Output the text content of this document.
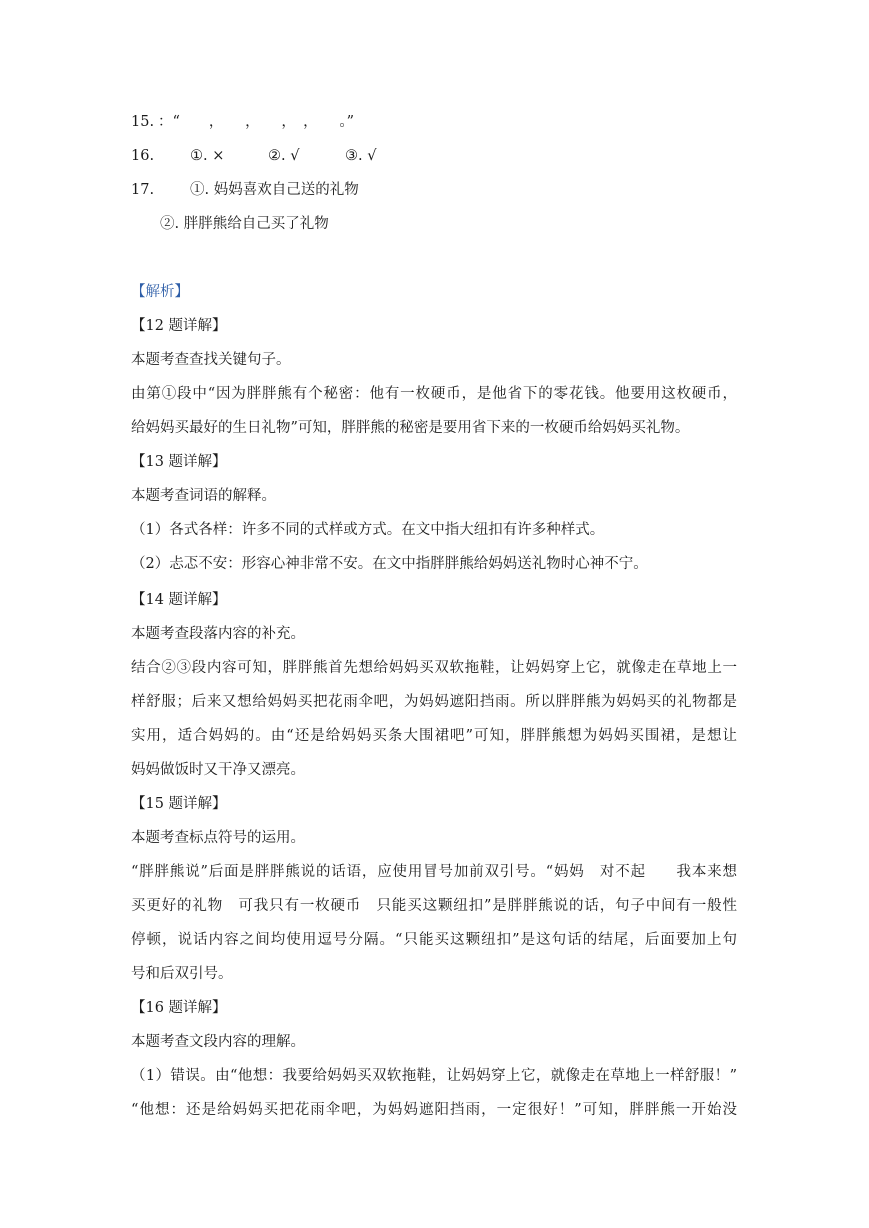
15. ：“　　，　　，　　，　，　　。”
16. ①. ×	②. √	③. √
17. ①. 妈妈喜欢自己送的礼物
②. 胖胖熊给自己买了礼物
【解析】
【12 题详解】
本题考查查找关键句子。
由第①段中“因为胖胖熊有个秘密：他有一枚硬币，是他省下的零花钱。他要用这枚硬币，
给妈妈买最好的生日礼物”可知，胖胖熊的秘密是要用省下来的一枚硬币给妈妈买礼物。
【13 题详解】
本题考查词语的解释。
（1）各式各样：许多不同的式样或方式。在文中指大纽扣有许多种样式。
（2）忐忑不安：形容心神非常不安。在文中指胖胖熊给妈妈送礼物时心神不宁。
【14 题详解】
本题考查段落内容的补充。
结合②③段内容可知，胖胖熊首先想给妈妈买双软拖鞋，让妈妈穿上它，就像走在草地上一
样舒服；后来又想给妈妈买把花雨伞吧，为妈妈遮阳挡雨。所以胖胖熊为妈妈买的礼物都是
实用，适合妈妈的。由“还是给妈妈买条大围裙吧”可知，胖胖熊想为妈妈买围裙，是想让
妈妈做饭时又干净又漂亮。
【15 题详解】
本题考查标点符号的运用。
“胖胖熊说”后面是胖胖熊说的话语，应使用冒号加前双引号。“妈妈　对不起　　我本来想
买更好的礼物　可我只有一枚硬币　只能买这颗纽扣”是胖胖熊说的话，句子中间有一般性
停顿，说话内容之间均使用逗号分隔。“只能买这颗纽扣”是这句话的结尾，后面要加上句
号和后双引号。
【16 题详解】
本题考查文段内容的理解。
（1）错误。由“他想：我要给妈妈买双软拖鞋，让妈妈穿上它，就像走在草地上一样舒服！”
“他想：还是给妈妈买把花雨伞吧，为妈妈遮阳挡雨，一定很好！”可知，胖胖熊一开始没
